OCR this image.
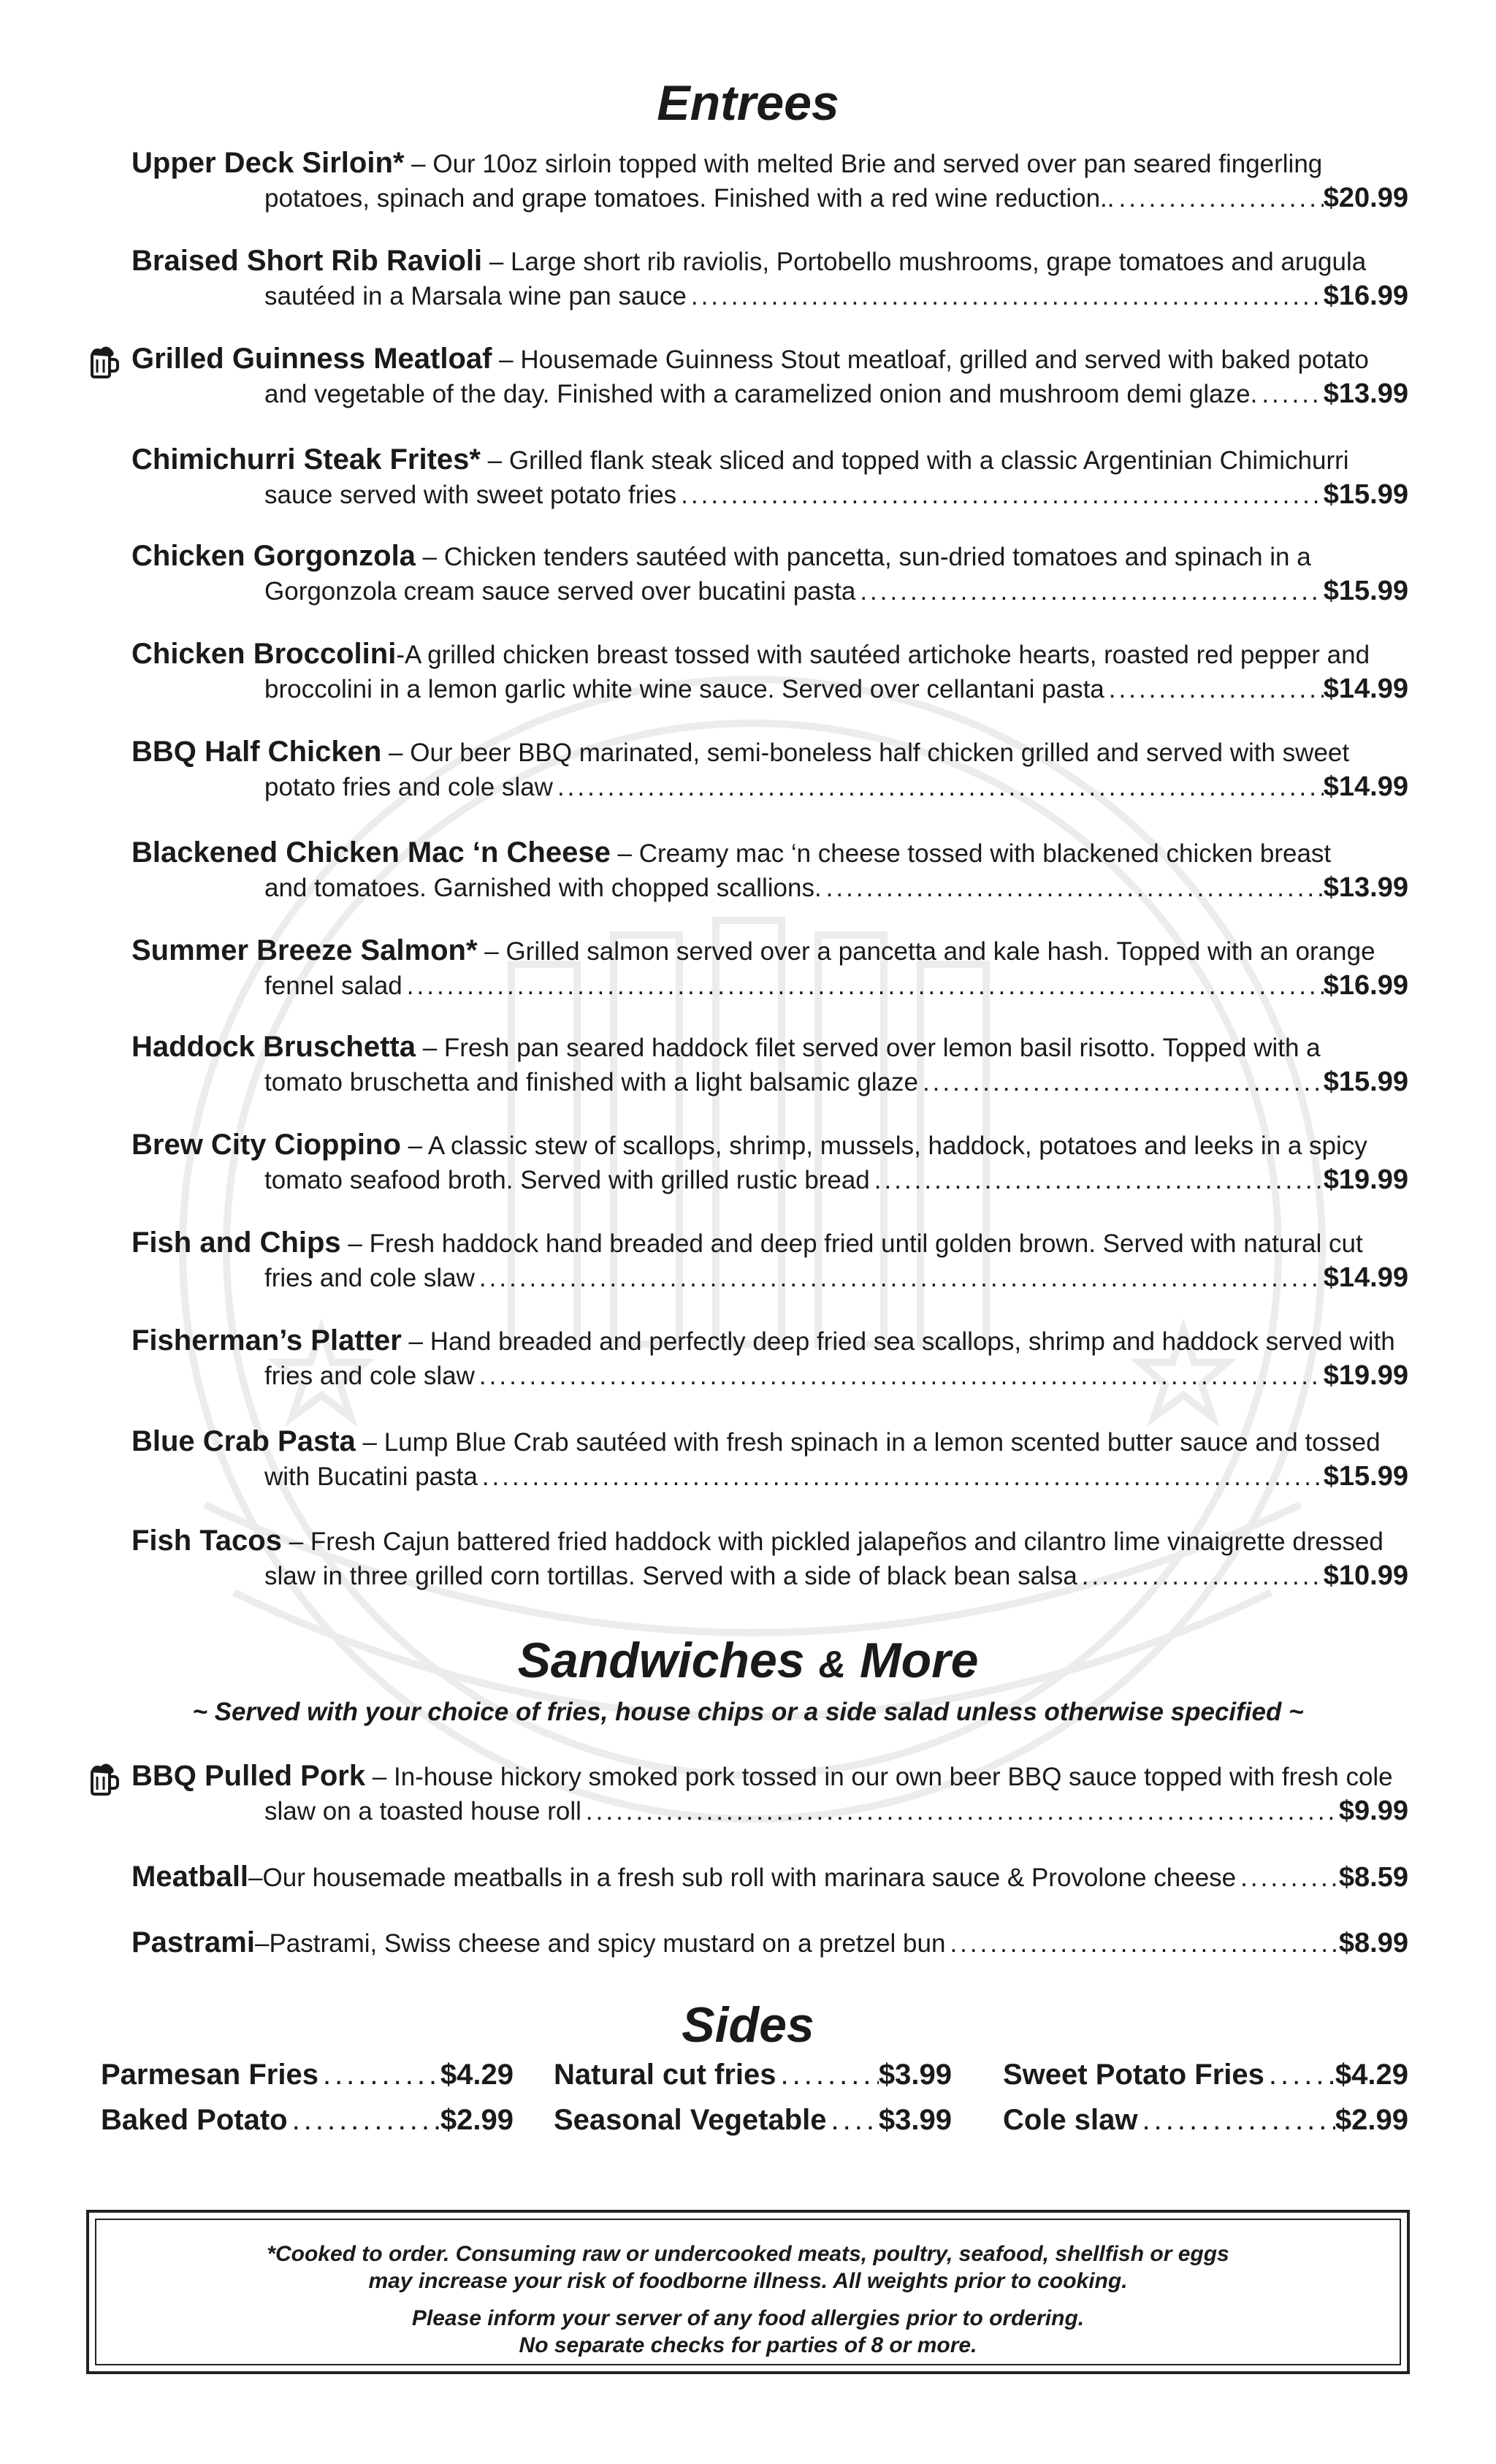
Entrees
Upper Deck Sirloin* – Our 10oz sirloin topped with melted Brie and served over pan seared fingerling
potatoes, spinach and grape tomatoes. Finished with a red wine reduction.. .....	$20.99
Braised Short Rib Ravioli – Large short rib raviolis, Portobello mushrooms, grape tomatoes and arugula
sautéed in a Marsala wine pan sauce .....	$16.99
Grilled Guinness Meatloaf – Housemade Guinness Stout meatloaf, grilled and served with baked potato
and vegetable of the day. Finished with a caramelized onion and mushroom demi glaze. ..... $13.99
Chimichurri Steak Frites* – Grilled flank steak sliced and topped with a classic Argentinian Chimichurri
sauce served with sweet potato fries .....	$15.99
Chicken Gorgonzola – Chicken tenders sautéed with pancetta, sun-dried tomatoes and spinach in a
Gorgonzola cream sauce served over bucatini pasta .....	$15.99
Chicken Broccolini-A grilled chicken breast tossed with sautéed artichoke hearts, roasted red pepper and
broccolini in a lemon garlic white wine sauce. Served over cellantani pasta .....	$14.99
BBQ Half Chicken – Our beer BBQ marinated, semi-boneless half chicken grilled and served with sweet
potato fries and cole slaw .....	$14.99
Blackened Chicken Mac ‘n Cheese – Creamy mac ‘n cheese tossed with blackened chicken breast
and tomatoes. Garnished with chopped scallions. .....	$13.99
Summer Breeze Salmon* – Grilled salmon served over a pancetta and kale hash. Topped with an orange
fennel salad .....	$16.99
Haddock Bruschetta – Fresh pan seared haddock filet served over lemon basil risotto. Topped with a
tomato bruschetta and finished with a light balsamic glaze .....	$15.99
Brew City Cioppino – A classic stew of scallops, shrimp, mussels, haddock, potatoes and leeks in a spicy
tomato seafood broth. Served with grilled rustic bread .....	$19.99
Fish and Chips – Fresh haddock hand breaded and deep fried until golden brown. Served with natural cut
fries and cole slaw .....	$14.99
Fisherman’s Platter – Hand breaded and perfectly deep fried sea scallops, shrimp and haddock served with
fries and cole slaw .....	$19.99
Blue Crab Pasta – Lump Blue Crab sautéed with fresh spinach in a lemon scented butter sauce and tossed
with Bucatini pasta .....	$15.99
Fish Tacos – Fresh Cajun battered fried haddock with pickled jalapeños and cilantro lime vinaigrette dressed
slaw in three grilled corn tortillas. Served with a side of black bean salsa .....	$10.99
Sandwiches & More
~ Served with your choice of fries, house chips or a side salad unless otherwise specified ~
BBQ Pulled Pork – In-house hickory smoked pork tossed in our own beer BBQ sauce topped with fresh cole
slaw on a toasted house roll .....	$9.99
Meatball – Our housemade meatballs in a fresh sub roll with marinara sauce & Provolone cheese .....	$8.59
Pastrami – Pastrami, Swiss cheese and spicy mustard on a pretzel bun .....	$8.99
Sides
Parmesan Fries .....	$4.29 Natural cut fries .....	$3.99 Sweet Potato Fries ..... $4.29
Baked Potato .....	$2.99 Seasonal Vegetable ..... $3.99 Cole slaw .....	$2.99

*Cooked to order. Consuming raw or undercooked meats, poultry, seafood, shellfish or eggs

may increase your risk of foodborne illness. All weights prior to cooking.

Please inform your server of any food allergies prior to ordering.

No separate checks for parties of 8 or more.
